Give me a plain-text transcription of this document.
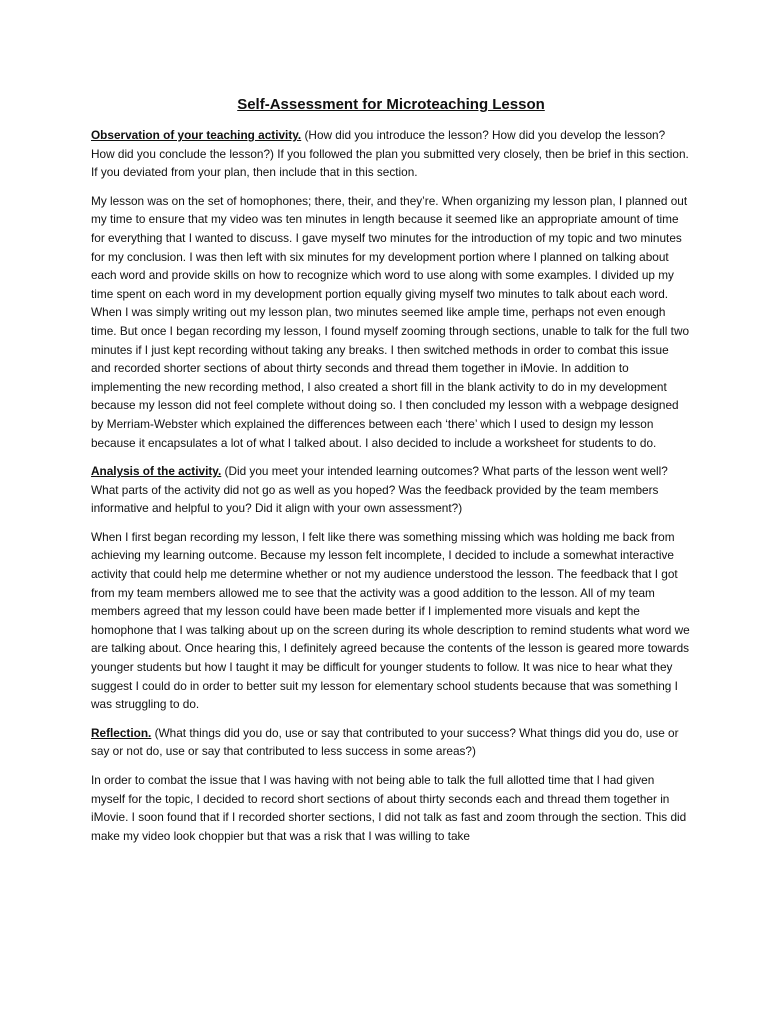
Self-Assessment for Microteaching Lesson

Observation of your teaching activity. (How did you introduce the lesson? How did you develop the lesson? How did you conclude the lesson?) If you followed the plan you submitted very closely, then be brief in this section. If you deviated from your plan, then include that in this section.

My lesson was on the set of homophones; there, their, and they’re. When organizing my lesson plan, I planned out my time to ensure that my video was ten minutes in length because it seemed like an appropriate amount of time for everything that I wanted to discuss. I gave myself two minutes for the introduction of my topic and two minutes for my conclusion. I was then left with six minutes for my development portion where I planned on talking about each word and provide skills on how to recognize which word to use along with some examples. I divided up my time spent on each word in my development portion equally giving myself two minutes to talk about each word. When I was simply writing out my lesson plan, two minutes seemed like ample time, perhaps not even enough time. But once I began recording my lesson, I found myself zooming through sections, unable to talk for the full two minutes if I just kept recording without taking any breaks. I then switched methods in order to combat this issue and recorded shorter sections of about thirty seconds and thread them together in iMovie. In addition to implementing the new recording method, I also created a short fill in the blank activity to do in my development because my lesson did not feel complete without doing so. I then concluded my lesson with a webpage designed by Merriam-Webster which explained the differences between each ‘there’ which I used to design my lesson because it encapsulates a lot of what I talked about. I also decided to include a worksheet for students to do.

Analysis of the activity. (Did you meet your intended learning outcomes? What parts of the lesson went well? What parts of the activity did not go as well as you hoped? Was the feedback provided by the team members informative and helpful to you? Did it align with your own assessment?)

When I first began recording my lesson, I felt like there was something missing which was holding me back from achieving my learning outcome. Because my lesson felt incomplete, I decided to include a somewhat interactive activity that could help me determine whether or not my audience understood the lesson. The feedback that I got from my team members allowed me to see that the activity was a good addition to the lesson. All of my team members agreed that my lesson could have been made better if I implemented more visuals and kept the homophone that I was talking about up on the screen during its whole description to remind students what word we are talking about. Once hearing this, I definitely agreed because the contents of the lesson is geared more towards younger students but how I taught it may be difficult for younger students to follow. It was nice to hear what they suggest I could do in order to better suit my lesson for elementary school students because that was something I was struggling to do.

Reflection. (What things did you do, use or say that contributed to your success? What things did you do, use or say or not do, use or say that contributed to less success in some areas?)

In order to combat the issue that I was having with not being able to talk the full allotted time that I had given myself for the topic, I decided to record short sections of about thirty seconds each and thread them together in iMovie. I soon found that if I recorded shorter sections, I did not talk as fast and zoom through the section. This did make my video look choppier but that was a risk that I was willing to take
